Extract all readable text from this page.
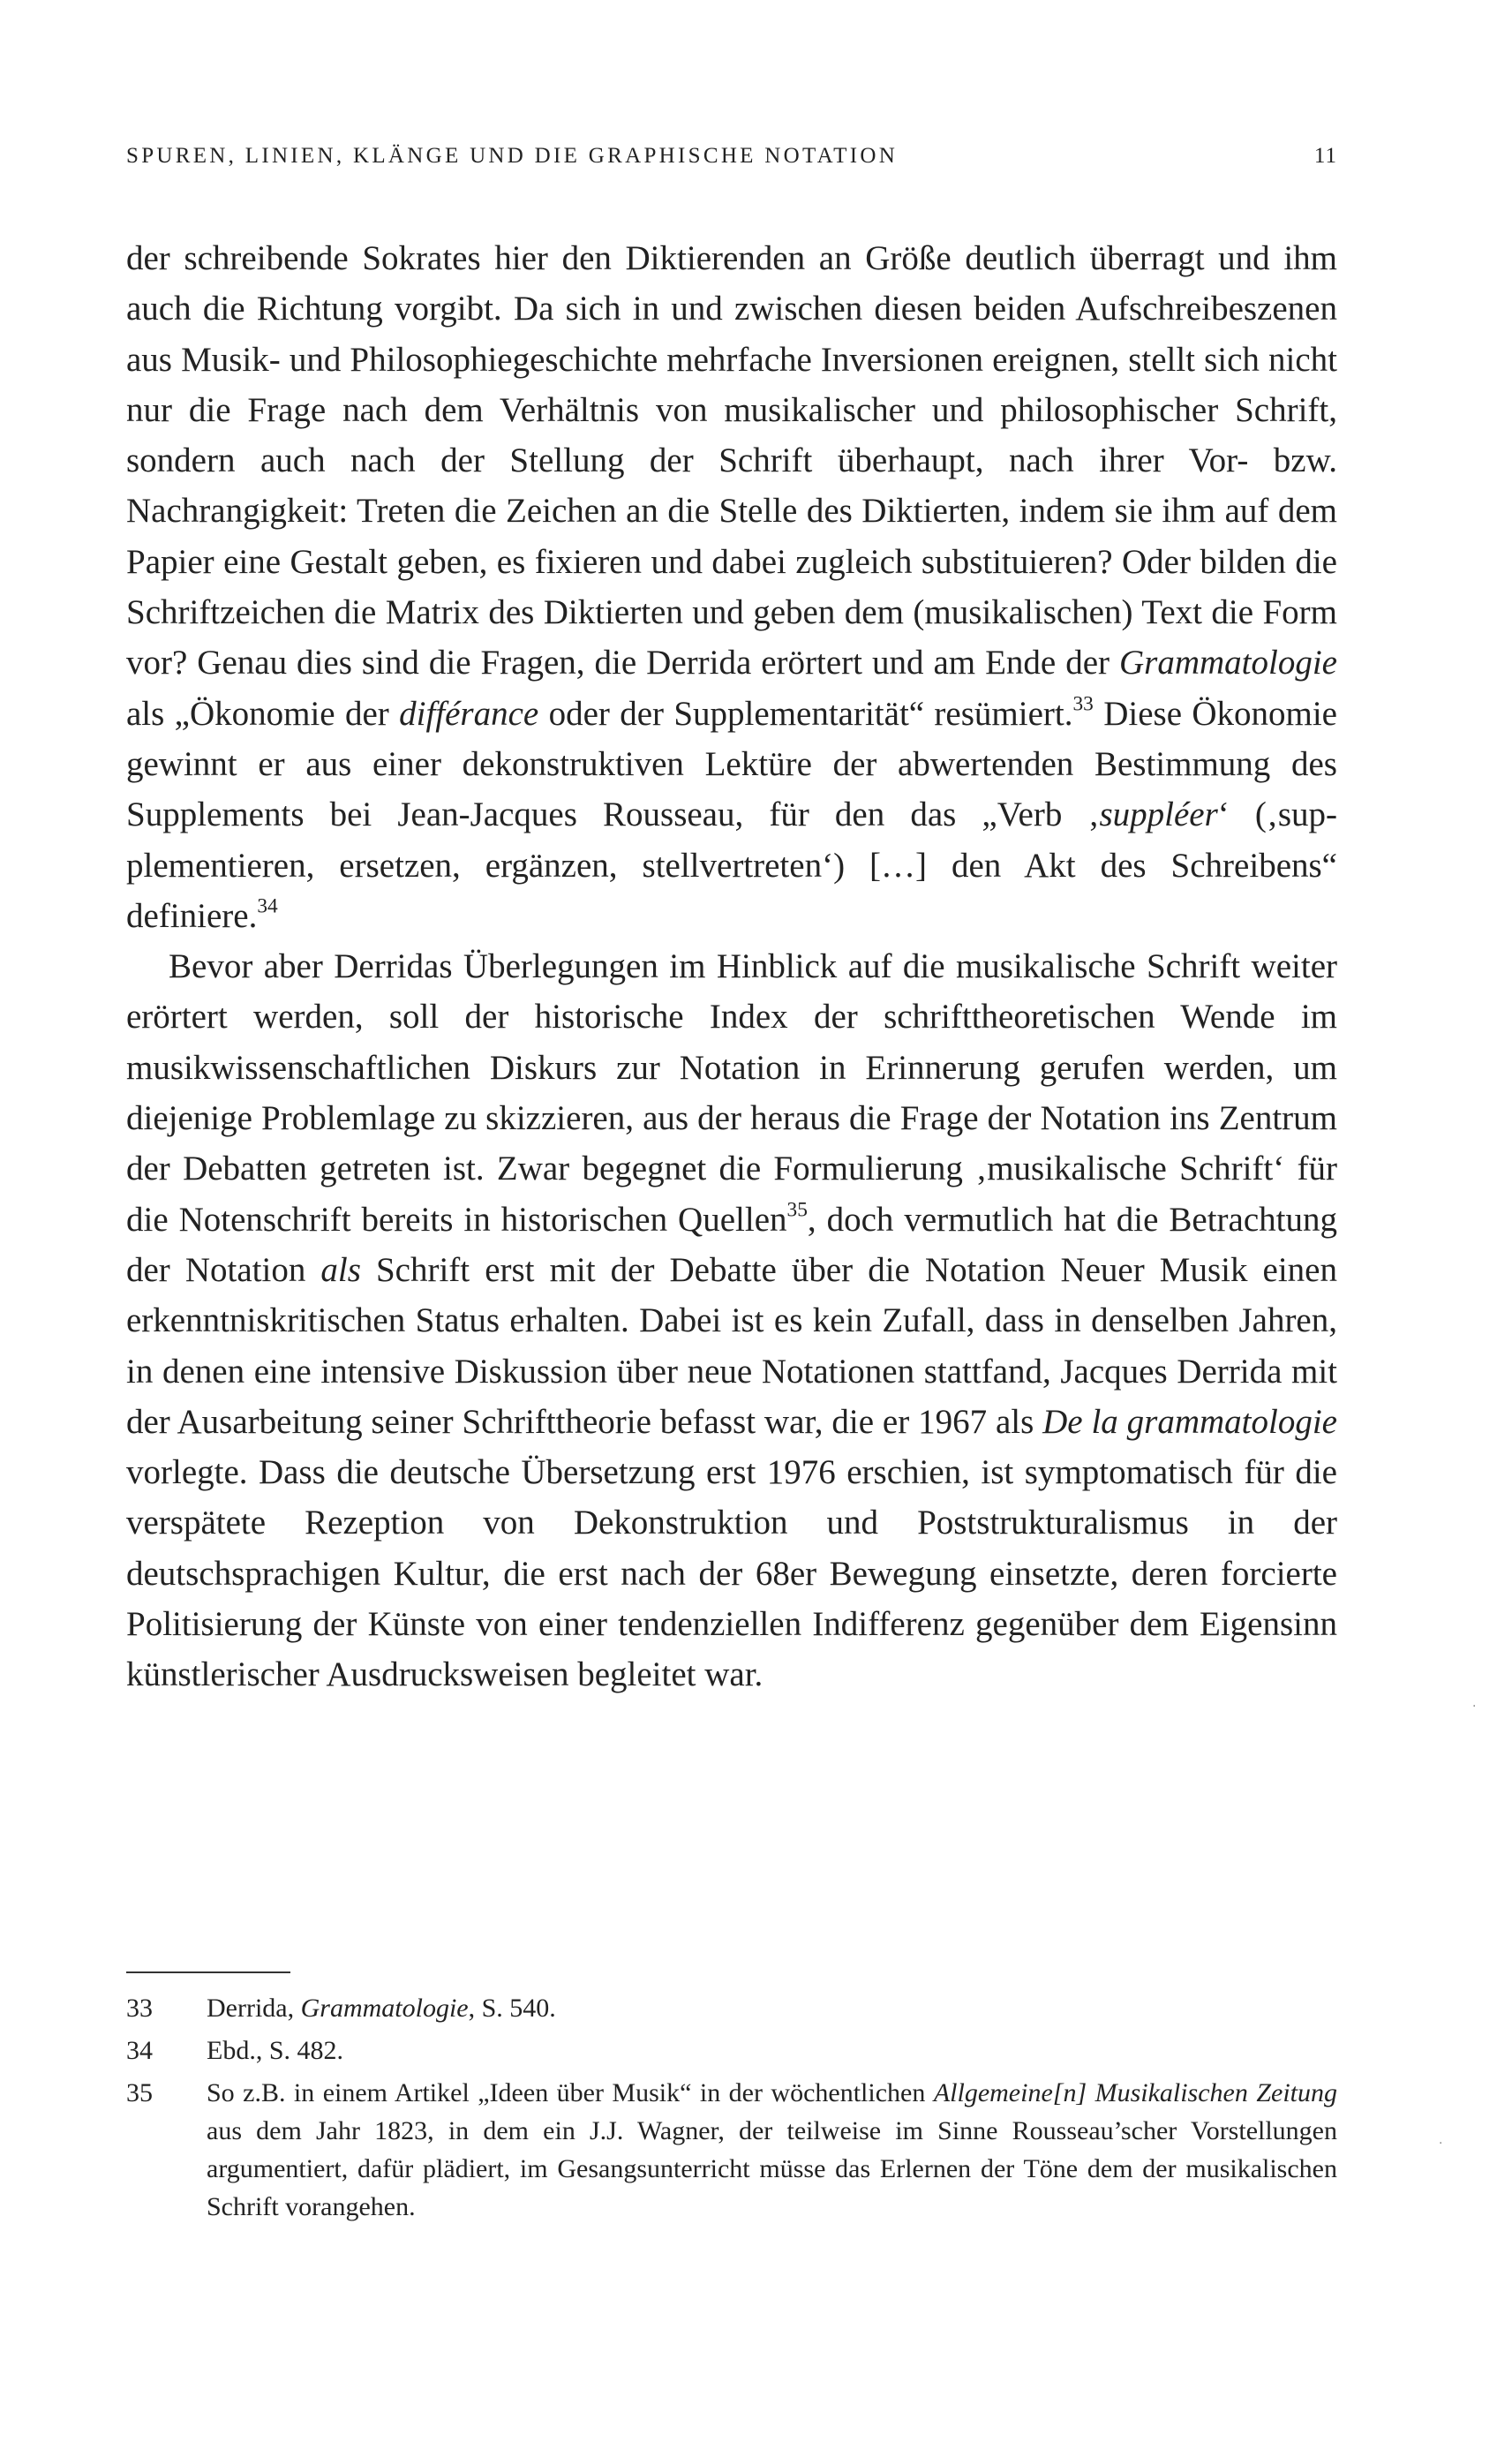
SPUREN, LINIEN, KLÄNGE UND DIE GRAPHISCHE NOTATION	11

der schreibende Sokrates hier den Diktierenden an Größe deutlich überragt und ihm auch die Richtung vorgibt. Da sich in und zwischen diesen beiden Aufschreibeszenen aus Musik- und Philosophiegeschichte mehrfache Inversionen ereignen, stellt sich nicht nur die Frage nach dem Verhältnis von musikalischer und philosophischer Schrift, sondern auch nach der Stellung der Schrift überhaupt, nach ihrer Vor- bzw. Nachrangigkeit: Treten die Zeichen an die Stelle des Diktierten, indem sie ihm auf dem Papier eine Gestalt geben, es fixieren und dabei zugleich substituieren? Oder bilden die Schriftzeichen die Matrix des Diktierten und geben dem (musikalischen) Text die Form vor? Genau dies sind die Fragen, die Derrida erörtert und am Ende der Grammatologie als „Ökonomie der différance oder der Supplementarität“ resümiert.$^{33}$ Diese Ökonomie gewinnt er aus einer dekonstruktiven Lektüre der abwertenden Bestimmung des Supplements bei Jean-Jacques Rousseau, für den das „Verb ‚suppléer‘ (‚supplementieren, ersetzen, ergänzen, stellvertreten‘) […] den Akt des Schreibens“ definiere.$^{34}$

Bevor aber Derridas Überlegungen im Hinblick auf die musikalische Schrift weiter erörtert werden, soll der historische Index der schrifttheoretischen Wende im musikwissenschaftlichen Diskurs zur Notation in Erinnerung gerufen werden, um diejenige Problemlage zu skizzieren, aus der heraus die Frage der Notation ins Zentrum der Debatten getreten ist. Zwar begegnet die Formulierung ‚musikalische Schrift‘ für die Notenschrift bereits in historischen Quellen$^{35}$, doch vermutlich hat die Betrachtung der Notation als Schrift erst mit der Debatte über die Notation Neuer Musik einen erkenntniskritischen Status erhalten. Dabei ist es kein Zufall, dass in denselben Jahren, in denen eine intensive Diskussion über neue Notationen stattfand, Jacques Derrida mit der Ausarbeitung seiner Schrifttheorie befasst war, die er 1967 als De la grammatologie vorlegte. Dass die deutsche Übersetzung erst 1976 erschien, ist symptomatisch für die verspätete Rezeption von Dekonstruktion und Poststrukturalismus in der deutschsprachigen Kultur, die erst nach der 68er Bewegung einsetzte, deren forcierte Politisierung der Künste von einer tendenziellen Indifferenz gegenüber dem Eigensinn künstlerischer Ausdrucksweisen begleitet war.

33 Derrida, Grammatologie, S. 540.
34 Ebd., S. 482.
35 So z.B. in einem Artikel „Ideen über Musik“ in der wöchentlichen Allgemeine[n] Musikalischen Zeitung aus dem Jahr 1823, in dem ein J.J. Wagner, der teilweise im Sinne Rousseau’scher Vorstellungen argumentiert, dafür plädiert, im Gesangsunterricht müsse das Erlernen der Töne dem der musikalischen Schrift vorangehen.
·
·
